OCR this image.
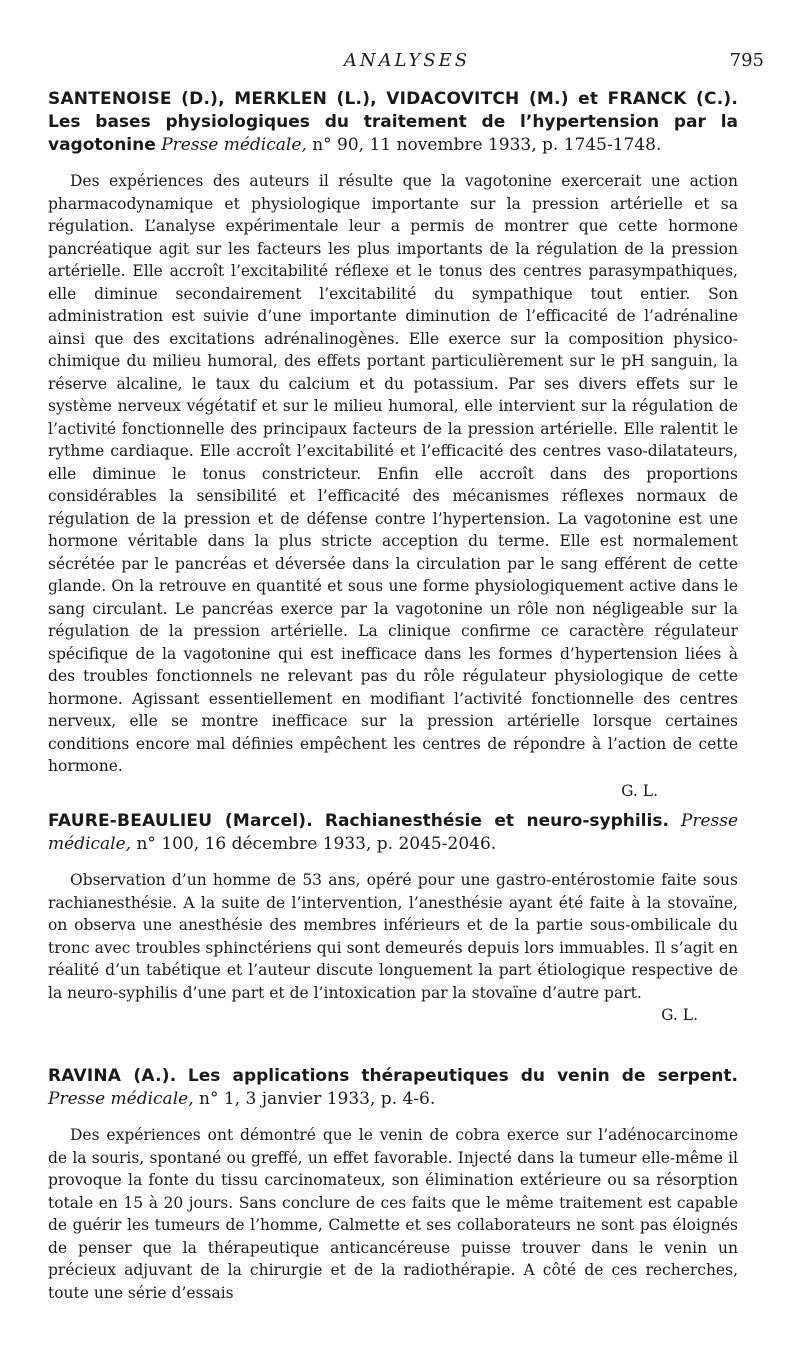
ANALYSES	795

SANTENOISE (D.), MERKLEN (L.), VIDACOVITCH (M.) et FRANCK (C.). Les bases physiologiques du traitement de l’hypertension par la vagotonine Presse médicale, n° 90, 11 novembre 1933, p. 1745-1748.

Des expériences des auteurs il résulte que la vagotonine exercerait une action pharmacodynamique et physiologique importante sur la pression artérielle et sa régulation. L’analyse expérimentale leur a permis de montrer que cette hormone pancréatique agit sur les facteurs les plus importants de la régulation de la pression artérielle. Elle accroît l’excitabilité réflexe et le tonus des centres parasympathiques, elle diminue secondairement l’excitabilité du sympathique tout entier. Son administration est suivie d’une importante diminution de l’efficacité de l’adrénaline ainsi que des excitations adrénalinogènes. Elle exerce sur la composition physico-chimique du milieu humoral, des effets portant particulièrement sur le pH sanguin, la réserve alcaline, le taux du calcium et du potassium. Par ses divers effets sur le système nerveux végétatif et sur le milieu humoral, elle intervient sur la régulation de l’activité fonctionnelle des principaux facteurs de la pression artérielle. Elle ralentit le rythme cardiaque. Elle accroît l’excitabilité et l’efficacité des centres vaso-dilatateurs, elle diminue le tonus constricteur. Enfin elle accroît dans des proportions considérables la sensibilité et l’efficacité des mécanismes réflexes normaux de régulation de la pression et de défense contre l’hypertension. La vagotonine est une hormone véritable dans la plus stricte acception du terme. Elle est normalement sécrétée par le pancréas et déversée dans la circulation par le sang efférent de cette glande. On la retrouve en quantité et sous une forme physiologiquement active dans le sang circulant. Le pancréas exerce par la vagotonine un rôle non négligeable sur la régulation de la pression artérielle. La clinique confirme ce caractère régulateur spécifique de la vagotonine qui est inefficace dans les formes d’hypertension liées à des troubles fonctionnels ne relevant pas du rôle régulateur physiologique de cette hormone. Agissant essentiellement en modifiant l’activité fonctionnelle des centres nerveux, elle se montre inefficace sur la pression artérielle lorsque certaines conditions encore mal définies empêchent les centres de répondre à l’action de cette hormone.

G. L.

FAURE-BEAULIEU (Marcel). Rachianesthésie et neuro-syphilis. Presse médicale, n° 100, 16 décembre 1933, p. 2045-2046.

Observation d’un homme de 53 ans, opéré pour une gastro-entérostomie faite sous rachianesthésie. A la suite de l’intervention, l’anesthésie ayant été faite à la stovaïne, on observa une anesthésie des membres inférieurs et de la partie sous-ombilicale du tronc avec troubles sphinctériens qui sont demeurés depuis lors immuables. Il s’agit en réalité d’un tabétique et l’auteur discute longuement la part étiologique respective de la neuro-syphilis d’une part et de l’intoxication par la stovaïne d’autre part.
G. L.

RAVINA (A.). Les applications thérapeutiques du venin de serpent. Presse médicale, n° 1, 3 janvier 1933, p. 4-6.

Des expériences ont démontré que le venin de cobra exerce sur l’adénocarcinome de la souris, spontané ou greffé, un effet favorable. Injecté dans la tumeur elle-même il provoque la fonte du tissu carcinomateux, son élimination extérieure ou sa résorption totale en 15 à 20 jours. Sans conclure de ces faits que le même traitement est capable de guérir les tumeurs de l’homme, Calmette et ses collaborateurs ne sont pas éloignés de penser que la thérapeutique anticancéreuse puisse trouver dans le venin un précieux adjuvant de la chirurgie et de la radiothérapie. A côté de ces recherches, toute une série d’essais
